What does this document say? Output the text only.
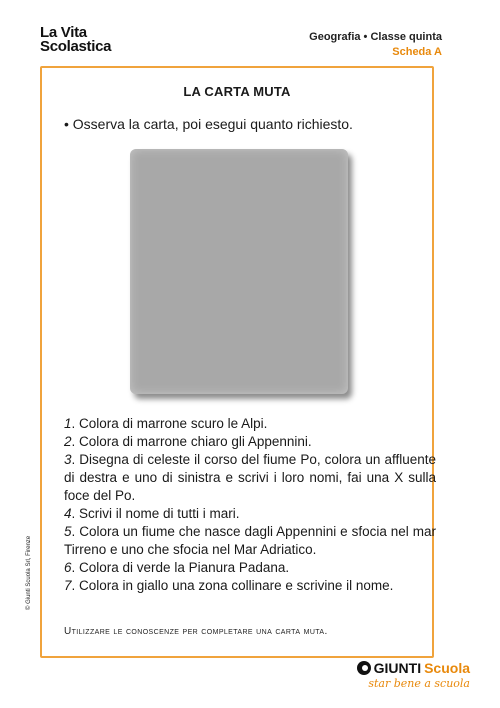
La Vita
Scolastica
Geografia • Classe quinta
Scheda A
LA CARTA MUTA
• Osserva la carta, poi esegui quanto richiesto.

1. Colora di marrone scuro le Alpi.

2. Colora di marrone chiaro gli Appennini.

3. Disegna di celeste il corso del fiume Po, colora un affluente di destra e uno di sinistra e scrivi i loro nomi, fai una X sulla foce del Po.

4. Scrivi il nome di tutti i mari.

5. Colora un fiume che nasce dagli Appennini e sfocia nel mar Tirreno e uno che sfocia nel Mar Adriatico.

6. Colora di verde la Pianura Padana.

7. Colora in giallo una zona collinare e scrivine il nome.

Utilizzare le conoscenze per completare una carta muta.
© Giunti Scuola Srl, Firenze
GIUNTI Scuola
star bene a scuola
